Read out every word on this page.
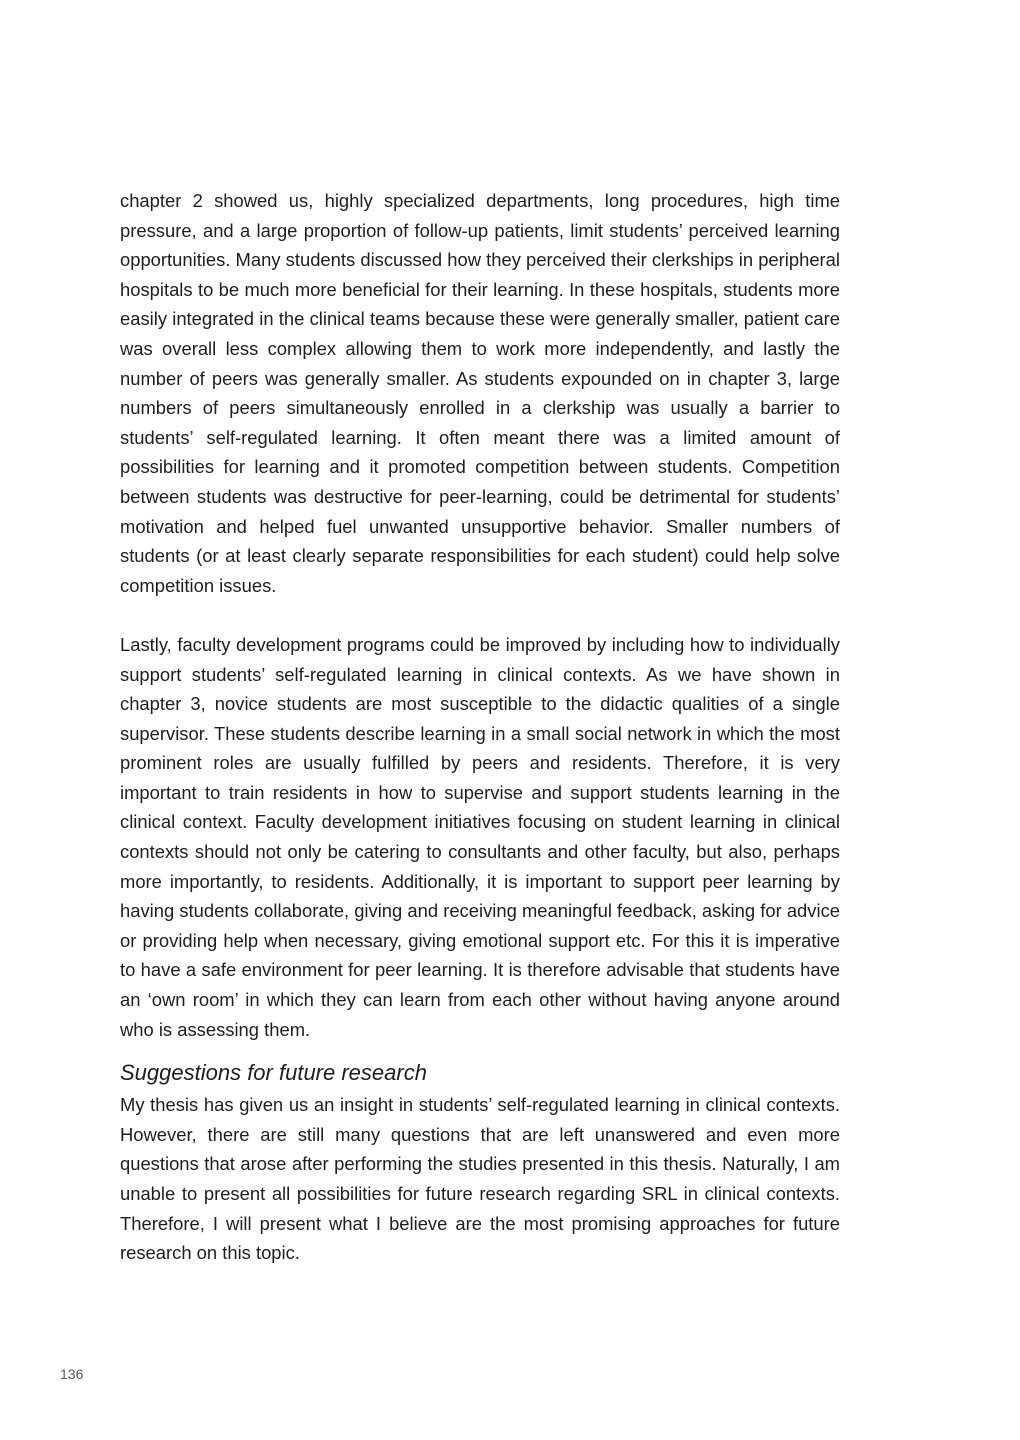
chapter 2 showed us, highly specialized departments, long procedures, high time pressure, and a large proportion of follow-up patients, limit students’ perceived learning opportunities. Many students discussed how they perceived their clerkships in peripheral hospitals to be much more beneficial for their learning. In these hospitals, students more easily integrated in the clinical teams because these were generally smaller, patient care was overall less complex allowing them to work more independently, and lastly the number of peers was generally smaller. As students expounded on in chapter 3, large numbers of peers simultaneously enrolled in a clerkship was usually a barrier to students’ self-regulated learning. It often meant there was a limited amount of possibilities for learning and it promoted competition between students. Competition between students was destructive for peer-learning, could be detrimental for students’ motivation and helped fuel unwanted unsupportive behavior. Smaller numbers of students (or at least clearly separate responsibilities for each student) could help solve competition issues.

Lastly, faculty development programs could be improved by including how to individually support students’ self-regulated learning in clinical contexts. As we have shown in chapter 3, novice students are most susceptible to the didactic qualities of a single supervisor. These students describe learning in a small social network in which the most prominent roles are usually fulfilled by peers and residents. Therefore, it is very important to train residents in how to supervise and support students learning in the clinical context. Faculty development initiatives focusing on student learning in clinical contexts should not only be catering to consultants and other faculty, but also, perhaps more importantly, to residents. Additionally, it is important to support peer learning by having students collaborate, giving and receiving meaningful feedback, asking for advice or providing help when necessary, giving emotional support etc. For this it is imperative to have a safe environment for peer learning. It is therefore advisable that students have an ‘own room’ in which they can learn from each other without having anyone around who is assessing them.

Suggestions for future research

My thesis has given us an insight in students’ self-regulated learning in clinical contexts. However, there are still many questions that are left unanswered and even more questions that arose after performing the studies presented in this thesis. Naturally, I am unable to present all possibilities for future research regarding SRL in clinical contexts. Therefore, I will present what I believe are the most promising approaches for future research on this topic.

136
